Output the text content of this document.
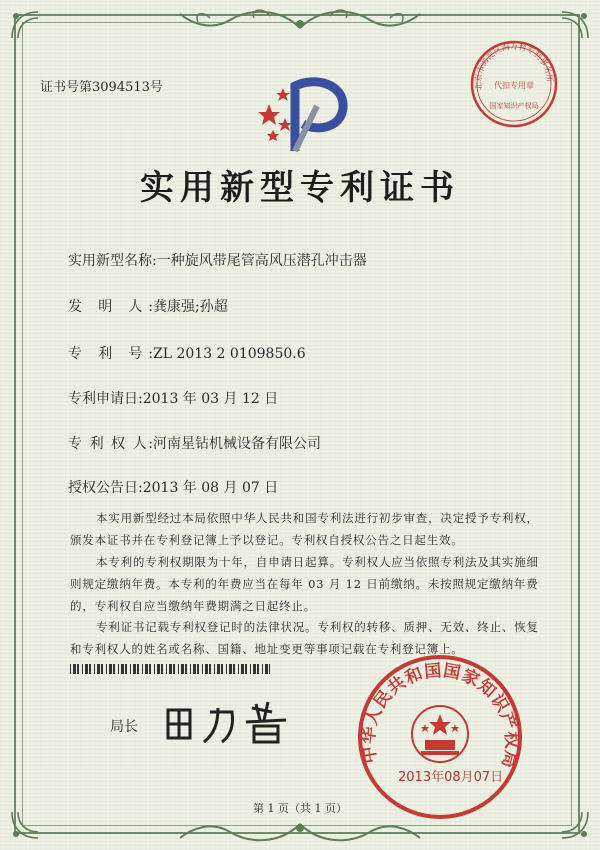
证书号第3094513号	北京市海淀区海万科专利事务所
代扣专用章
国家知识产权局
实用新型专利证书
实用新型名称:一种旋风带尾管高风压潜孔冲击器
发 明 人:龚康强;孙超
专 利 号:ZL 2013 2 0109850.6
专利申请日:2013 年 03 月 12 日
专 利 权 人:河南星钻机械设备有限公司
授权公告日:2013 年 08 月 07 日
本实用新型经过本局依照中华人民共和国专利法进行初步审查，决定授予专利权，颁发本证书并在专利登记簿上予以登记。专利权自授权公告之日起生效。
本专利的专利权期限为十年，自申请日起算。专利权人应当依照专利法及其实施细则规定缴纳年费。本专利的年费应当在每年 03 月 12 日前缴纳。未按照规定缴纳年费的，专利权自应当缴纳年费期满之日起终止。
专利证书记载专利权登记时的法律状况。专利权的转移、质押、无效、终止、恢复和专利权人的姓名或名称、国籍、地址变更等事项记载在专利登记簿上。
局长
中华人民共和国国家知识产权局
2013年08月07日
第 1 页（共 1 页）
